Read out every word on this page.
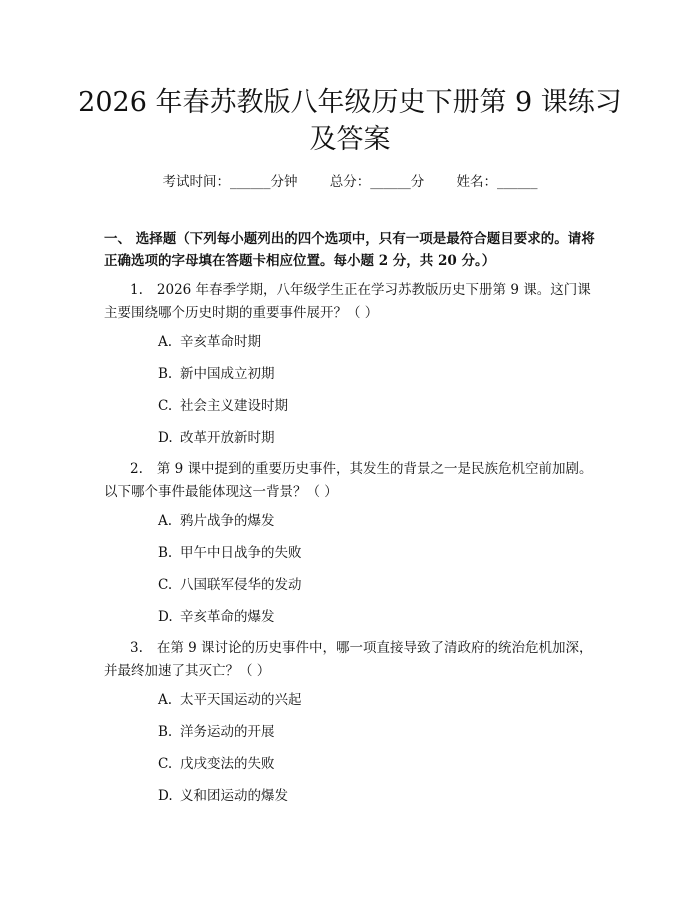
2026 年春苏教版八年级历史下册第 9 课练习
及答案
考试时间：______分钟 总分：______分 姓名：______
一、 选择题（下列每小题列出的四个选项中，只有一项是最符合题目要求的。请将正确选项的字母填在答题卡相应位置。每小题 2 分，共 20 分。）
1. 2026 年春季学期，八年级学生正在学习苏教版历史下册第 9 课。这门课主要围绕哪个历史时期的重要事件展开？（ ）
A. 辛亥革命时期
B. 新中国成立初期
C. 社会主义建设时期
D. 改革开放新时期
2. 第 9 课中提到的重要历史事件，其发生的背景之一是民族危机空前加剧。以下哪个事件最能体现这一背景？（ ）
A. 鸦片战争的爆发
B. 甲午中日战争的失败
C. 八国联军侵华的发动
D. 辛亥革命的爆发
3. 在第 9 课讨论的历史事件中，哪一项直接导致了清政府的统治危机加深，并最终加速了其灭亡？（ ）
A. 太平天国运动的兴起
B. 洋务运动的开展
C. 戊戌变法的失败
D. 义和团运动的爆发
